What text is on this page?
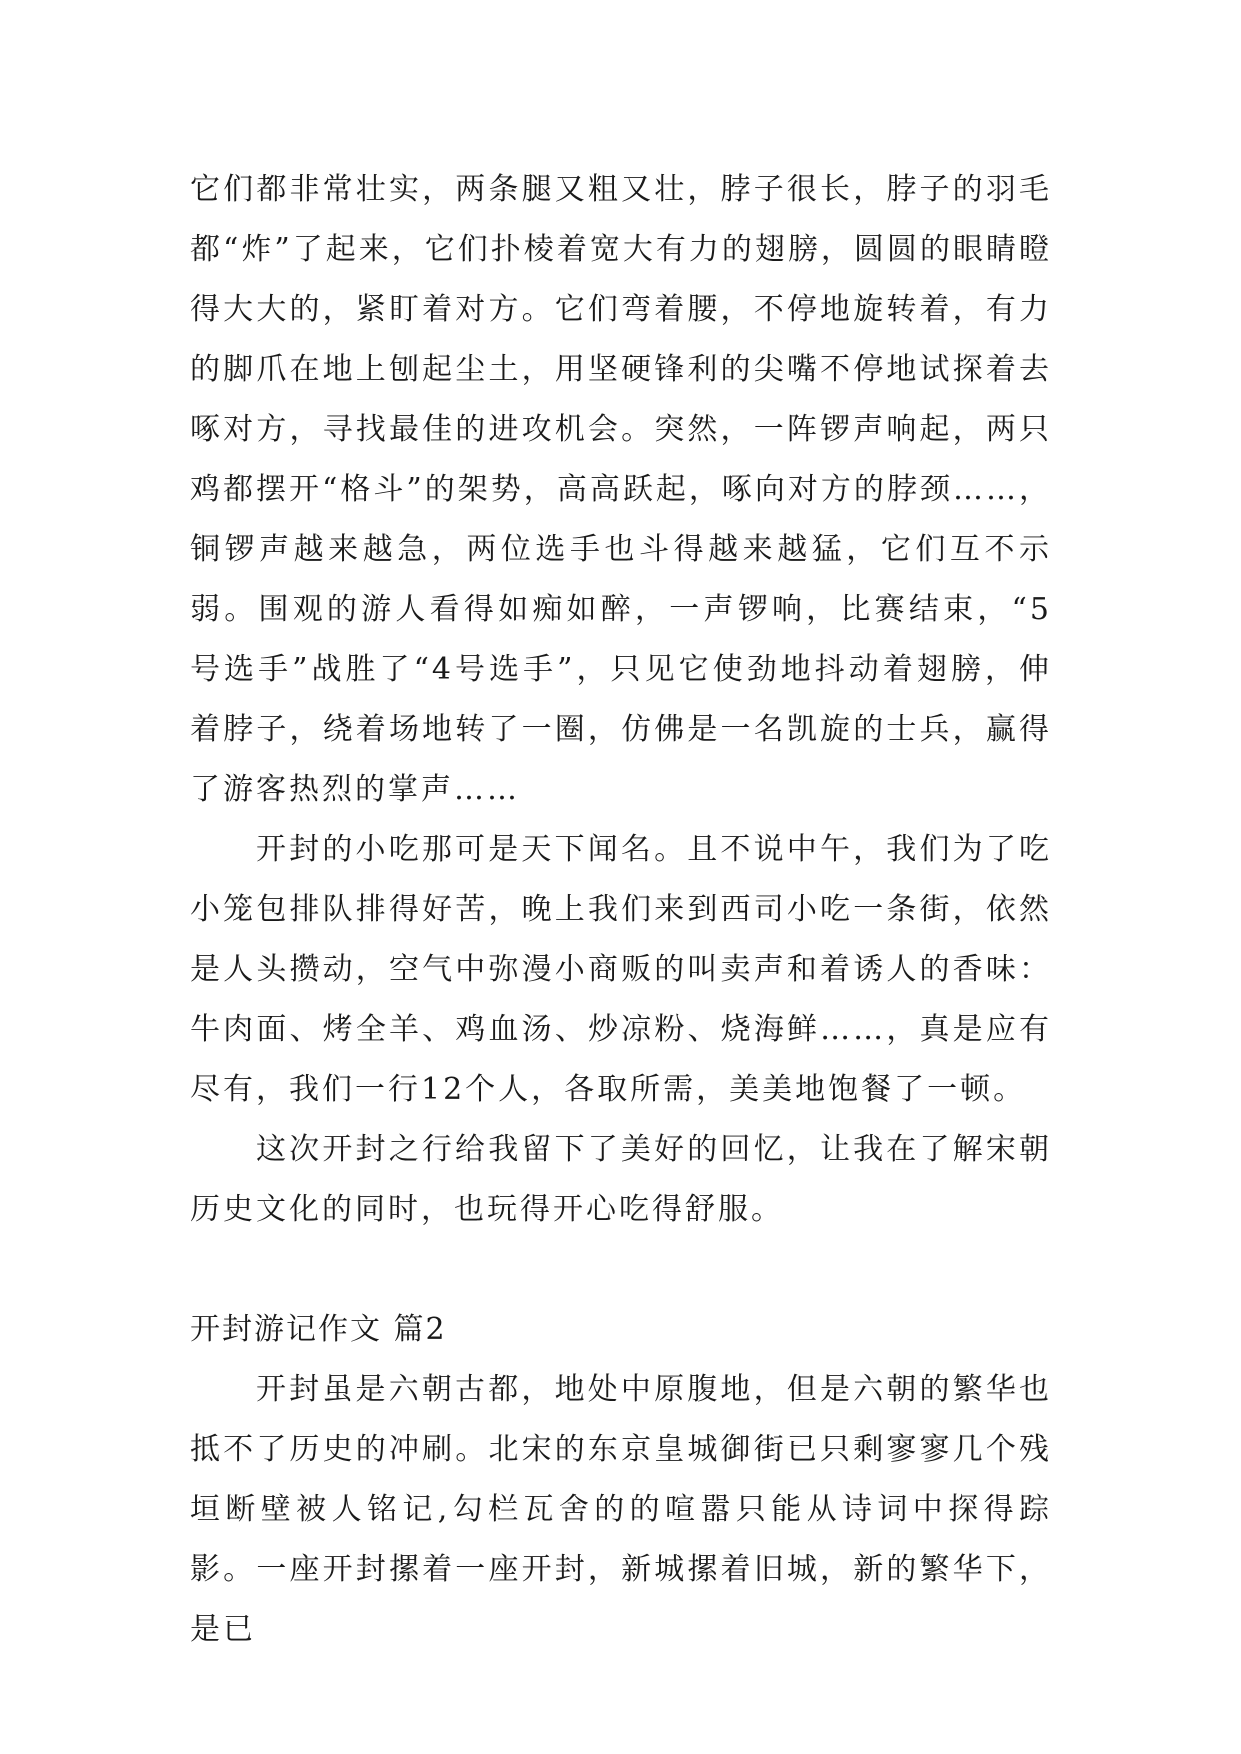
它们都非常壮实，两条腿又粗又壮，脖子很长，脖子的羽毛都“炸”了起来，它们扑棱着宽大有力的翅膀，圆圆的眼睛瞪得大大的，紧盯着对方。它们弯着腰，不停地旋转着，有力的脚爪在地上刨起尘土，用坚硬锋利的尖嘴不停地试探着去啄对方，寻找最佳的进攻机会。突然，一阵锣声响起，两只鸡都摆开“格斗”的架势，高高跃起，啄向对方的脖颈……，铜锣声越来越急，两位选手也斗得越来越猛，它们互不示弱。围观的游人看得如痴如醉，一声锣响，比赛结束，“5号选手”战胜了“4号选手”，只见它使劲地抖动着翅膀，伸着脖子，绕着场地转了一圈，仿佛是一名凯旋的士兵，赢得了游客热烈的掌声……

开封的小吃那可是天下闻名。且不说中午，我们为了吃小笼包排队排得好苦，晚上我们来到西司小吃一条街，依然是人头攒动，空气中弥漫小商贩的叫卖声和着诱人的香味：牛肉面、烤全羊、鸡血汤、炒凉粉、烧海鲜……，真是应有尽有，我们一行12个人，各取所需，美美地饱餐了一顿。

这次开封之行给我留下了美好的回忆，让我在了解宋朝历史文化的同时，也玩得开心吃得舒服。

开封游记作文 篇2

开封虽是六朝古都，地处中原腹地，但是六朝的繁华也抵不了历史的冲刷。北宋的东京皇城御街已只剩寥寥几个残垣断壁被人铭记,勾栏瓦舍的的喧嚣只能从诗词中探得踪影。一座开封摞着一座开封，新城摞着旧城，新的繁华下，是已
